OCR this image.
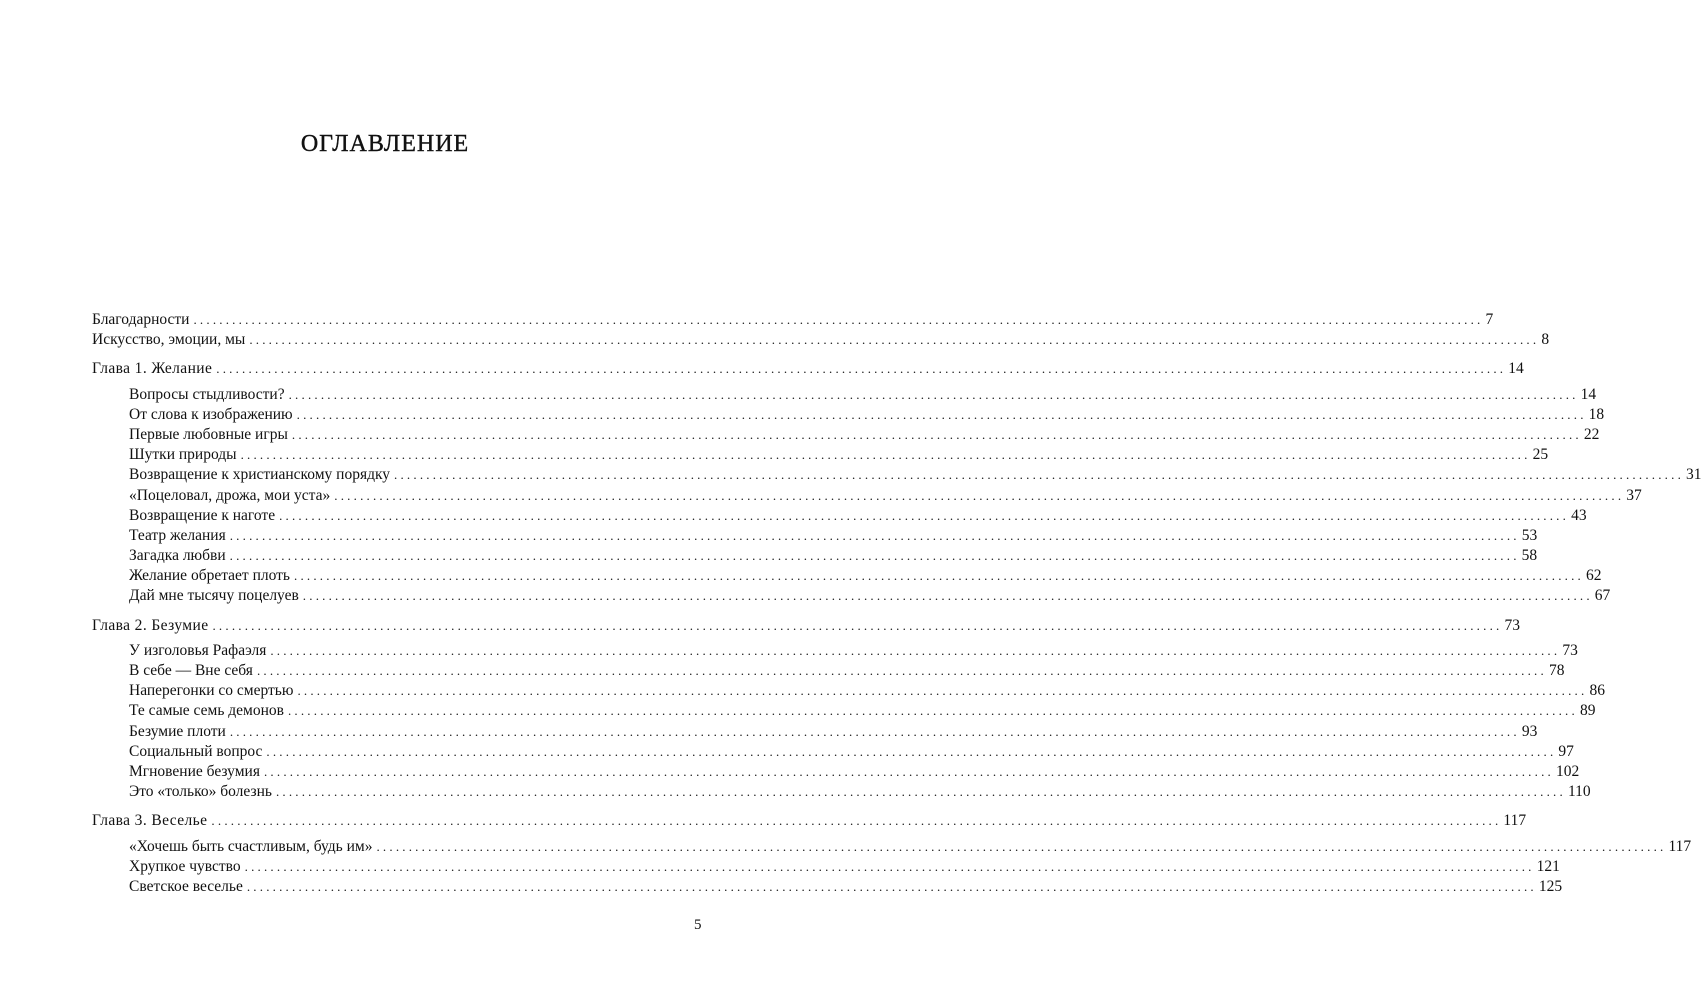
ОГЛАВЛЕНИЕ
Благодарности ........................................................................................................................................................................................................ 7
Искусство, эмоции, мы ........................................................................................................................................................................................................ 8
Глава 1. Желание ........................................................................................................................................................................................................ 14
Вопросы стыдливости? ........................................................................................................................................................................................................ 14
От слова к изображению ........................................................................................................................................................................................................ 18
Первые любовные игры ........................................................................................................................................................................................................ 22
Шутки природы ........................................................................................................................................................................................................ 25
Возвращение к христианскому порядку ........................................................................................................................................................................................................ 31
«Поцеловал, дрожа, мои уста» ........................................................................................................................................................................................................ 37
Возвращение к наготе ........................................................................................................................................................................................................ 43
Театр желания ........................................................................................................................................................................................................ 53
Загадка любви ........................................................................................................................................................................................................ 58
Желание обретает плоть ........................................................................................................................................................................................................ 62
Дай мне тысячу поцелуев ........................................................................................................................................................................................................ 67
Глава 2. Безумие ........................................................................................................................................................................................................ 73
У изголовья Рафаэля ........................................................................................................................................................................................................ 73
В себе — Вне себя ........................................................................................................................................................................................................ 78
Наперегонки со смертью ........................................................................................................................................................................................................ 86
Те самые семь демонов ........................................................................................................................................................................................................ 89
Безумие плоти ........................................................................................................................................................................................................ 93
Социальный вопрос ........................................................................................................................................................................................................ 97
Мгновение безумия ........................................................................................................................................................................................................ 102
Это «только» болезнь ........................................................................................................................................................................................................ 110
Глава 3. Веселье ........................................................................................................................................................................................................ 117
«Хочешь быть счастливым, будь им» ........................................................................................................................................................................................................ 117
Хрупкое чувство ........................................................................................................................................................................................................ 121
Светское веселье ........................................................................................................................................................................................................ 125
5
